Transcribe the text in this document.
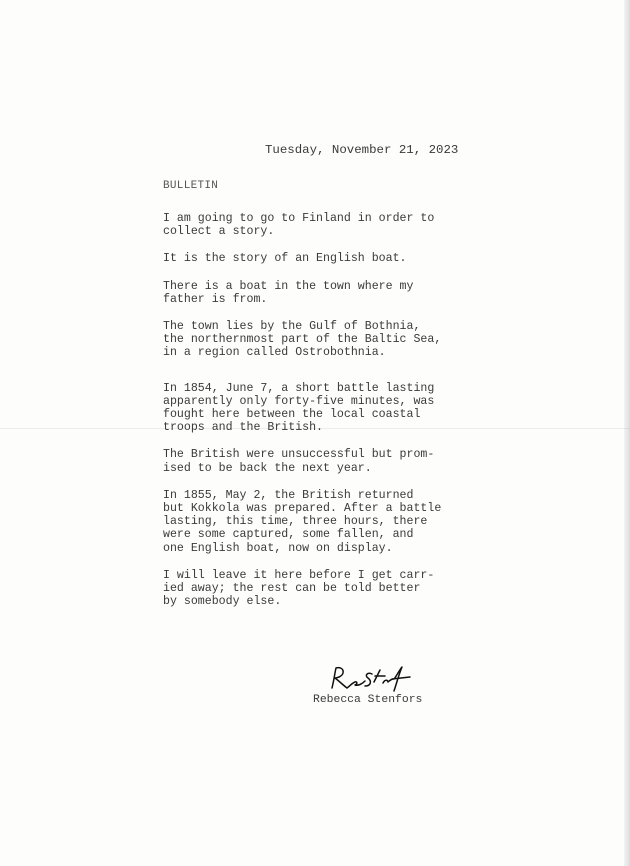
Tuesday, November 21, 2023
BULLETIN

I am going to go to Finland in order to
collect a story.

It is the story of an English boat.

There is a boat in the town where my
father is from.

The town lies by the Gulf of Bothnia,
the northernmost part of the Baltic Sea,
in a region called Ostrobothnia.

In 1854, June 7, a short battle lasting
apparently only forty-five minutes, was
fought here between the local coastal
troops and the British.

The British were unsuccessful but prom-
ised to be back the next year.

In 1855, May 2, the British returned
but Kokkola was prepared. After a battle
lasting, this time, three hours, there
were some captured, some fallen, and
one English boat, now on display.

I will leave it here before I get carr-
ied away; the rest can be told better
by somebody else.

Rebecca Stenfors
